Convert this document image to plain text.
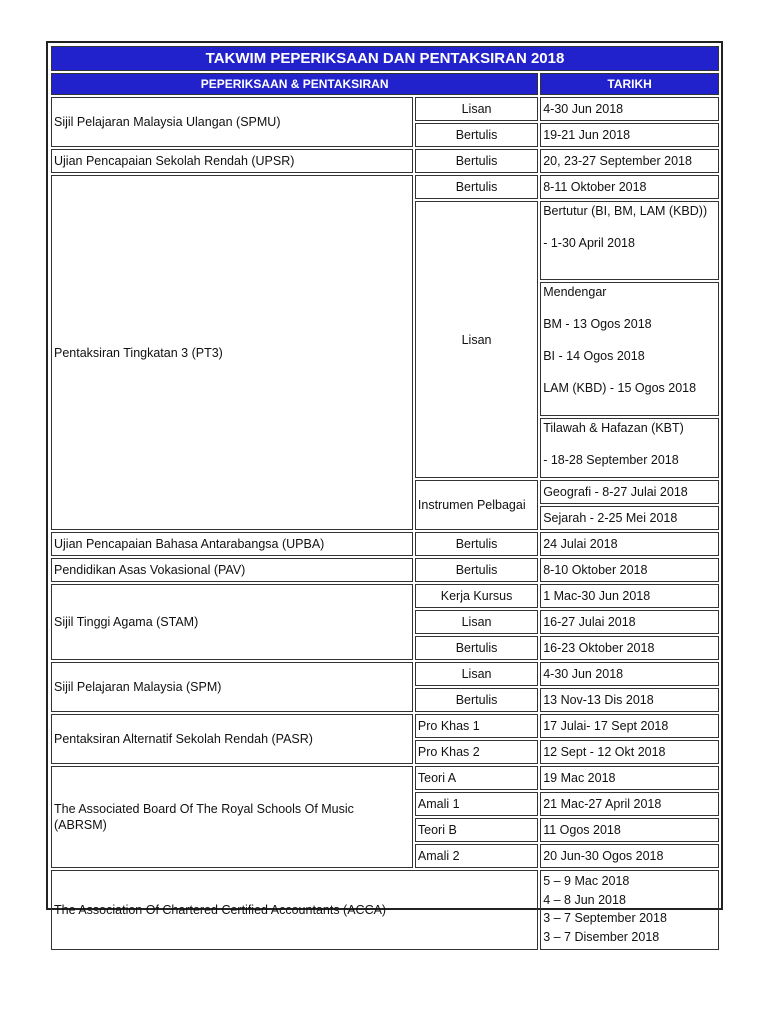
TAKWIM PEPERIKSAAN DAN PENTAKSIRAN 2018		
PEPERIKSAAN & PENTAKSIRAN		TARIKH
Sijil Pelajaran Malaysia Ulangan (SPMU)	Lisan	4-30 Jun 2018
	Bertulis	19-21 Jun 2018
Ujian Pencapaian Sekolah Rendah (UPSR)	Bertulis	20, 23-27 September 2018
Pentaksiran Tingkatan 3 (PT3)	Bertulis	8-11 Oktober 2018
	Lisan	Bertutur (BI, BM, LAM (KBD))

- 1-30 April 2018
		Mendengar

BM - 13 Ogos 2018

BI - 14 Ogos 2018

LAM (KBD) - 15 Ogos 2018
		Tilawah & Hafazan (KBT)

- 18-28 September 2018
	Instrumen Pelbagai	Geografi - 8-27 Julai 2018
		Sejarah - 2-25 Mei 2018
Ujian Pencapaian Bahasa Antarabangsa (UPBA)	Bertulis	24 Julai 2018
Pendidikan Asas Vokasional (PAV)	Bertulis	8-10 Oktober 2018
Sijil Tinggi Agama (STAM)	Kerja Kursus	1 Mac-30 Jun 2018
	Lisan	16-27 Julai 2018
	Bertulis	16-23 Oktober 2018
Sijil Pelajaran Malaysia (SPM)	Lisan	4-30 Jun 2018
	Bertulis	13 Nov-13 Dis 2018
Pentaksiran Alternatif Sekolah Rendah (PASR)	Pro Khas 1	17 Julai- 17 Sept 2018
	Pro Khas 2	12 Sept - 12 Okt 2018
The Associated Board Of The Royal Schools Of Music (ABRSM)	Teori A	19 Mac 2018
	Amali 1	21 Mac-27 April 2018
	Teori B	11 Ogos 2018
	Amali 2	20 Jun-30 Ogos 2018
The Association Of Chartered Certified Accountants (ACCA)		5 – 9 Mac 2018
4 – 8 Jun 2018
3 – 7 September 2018
3 – 7 Disember 2018
